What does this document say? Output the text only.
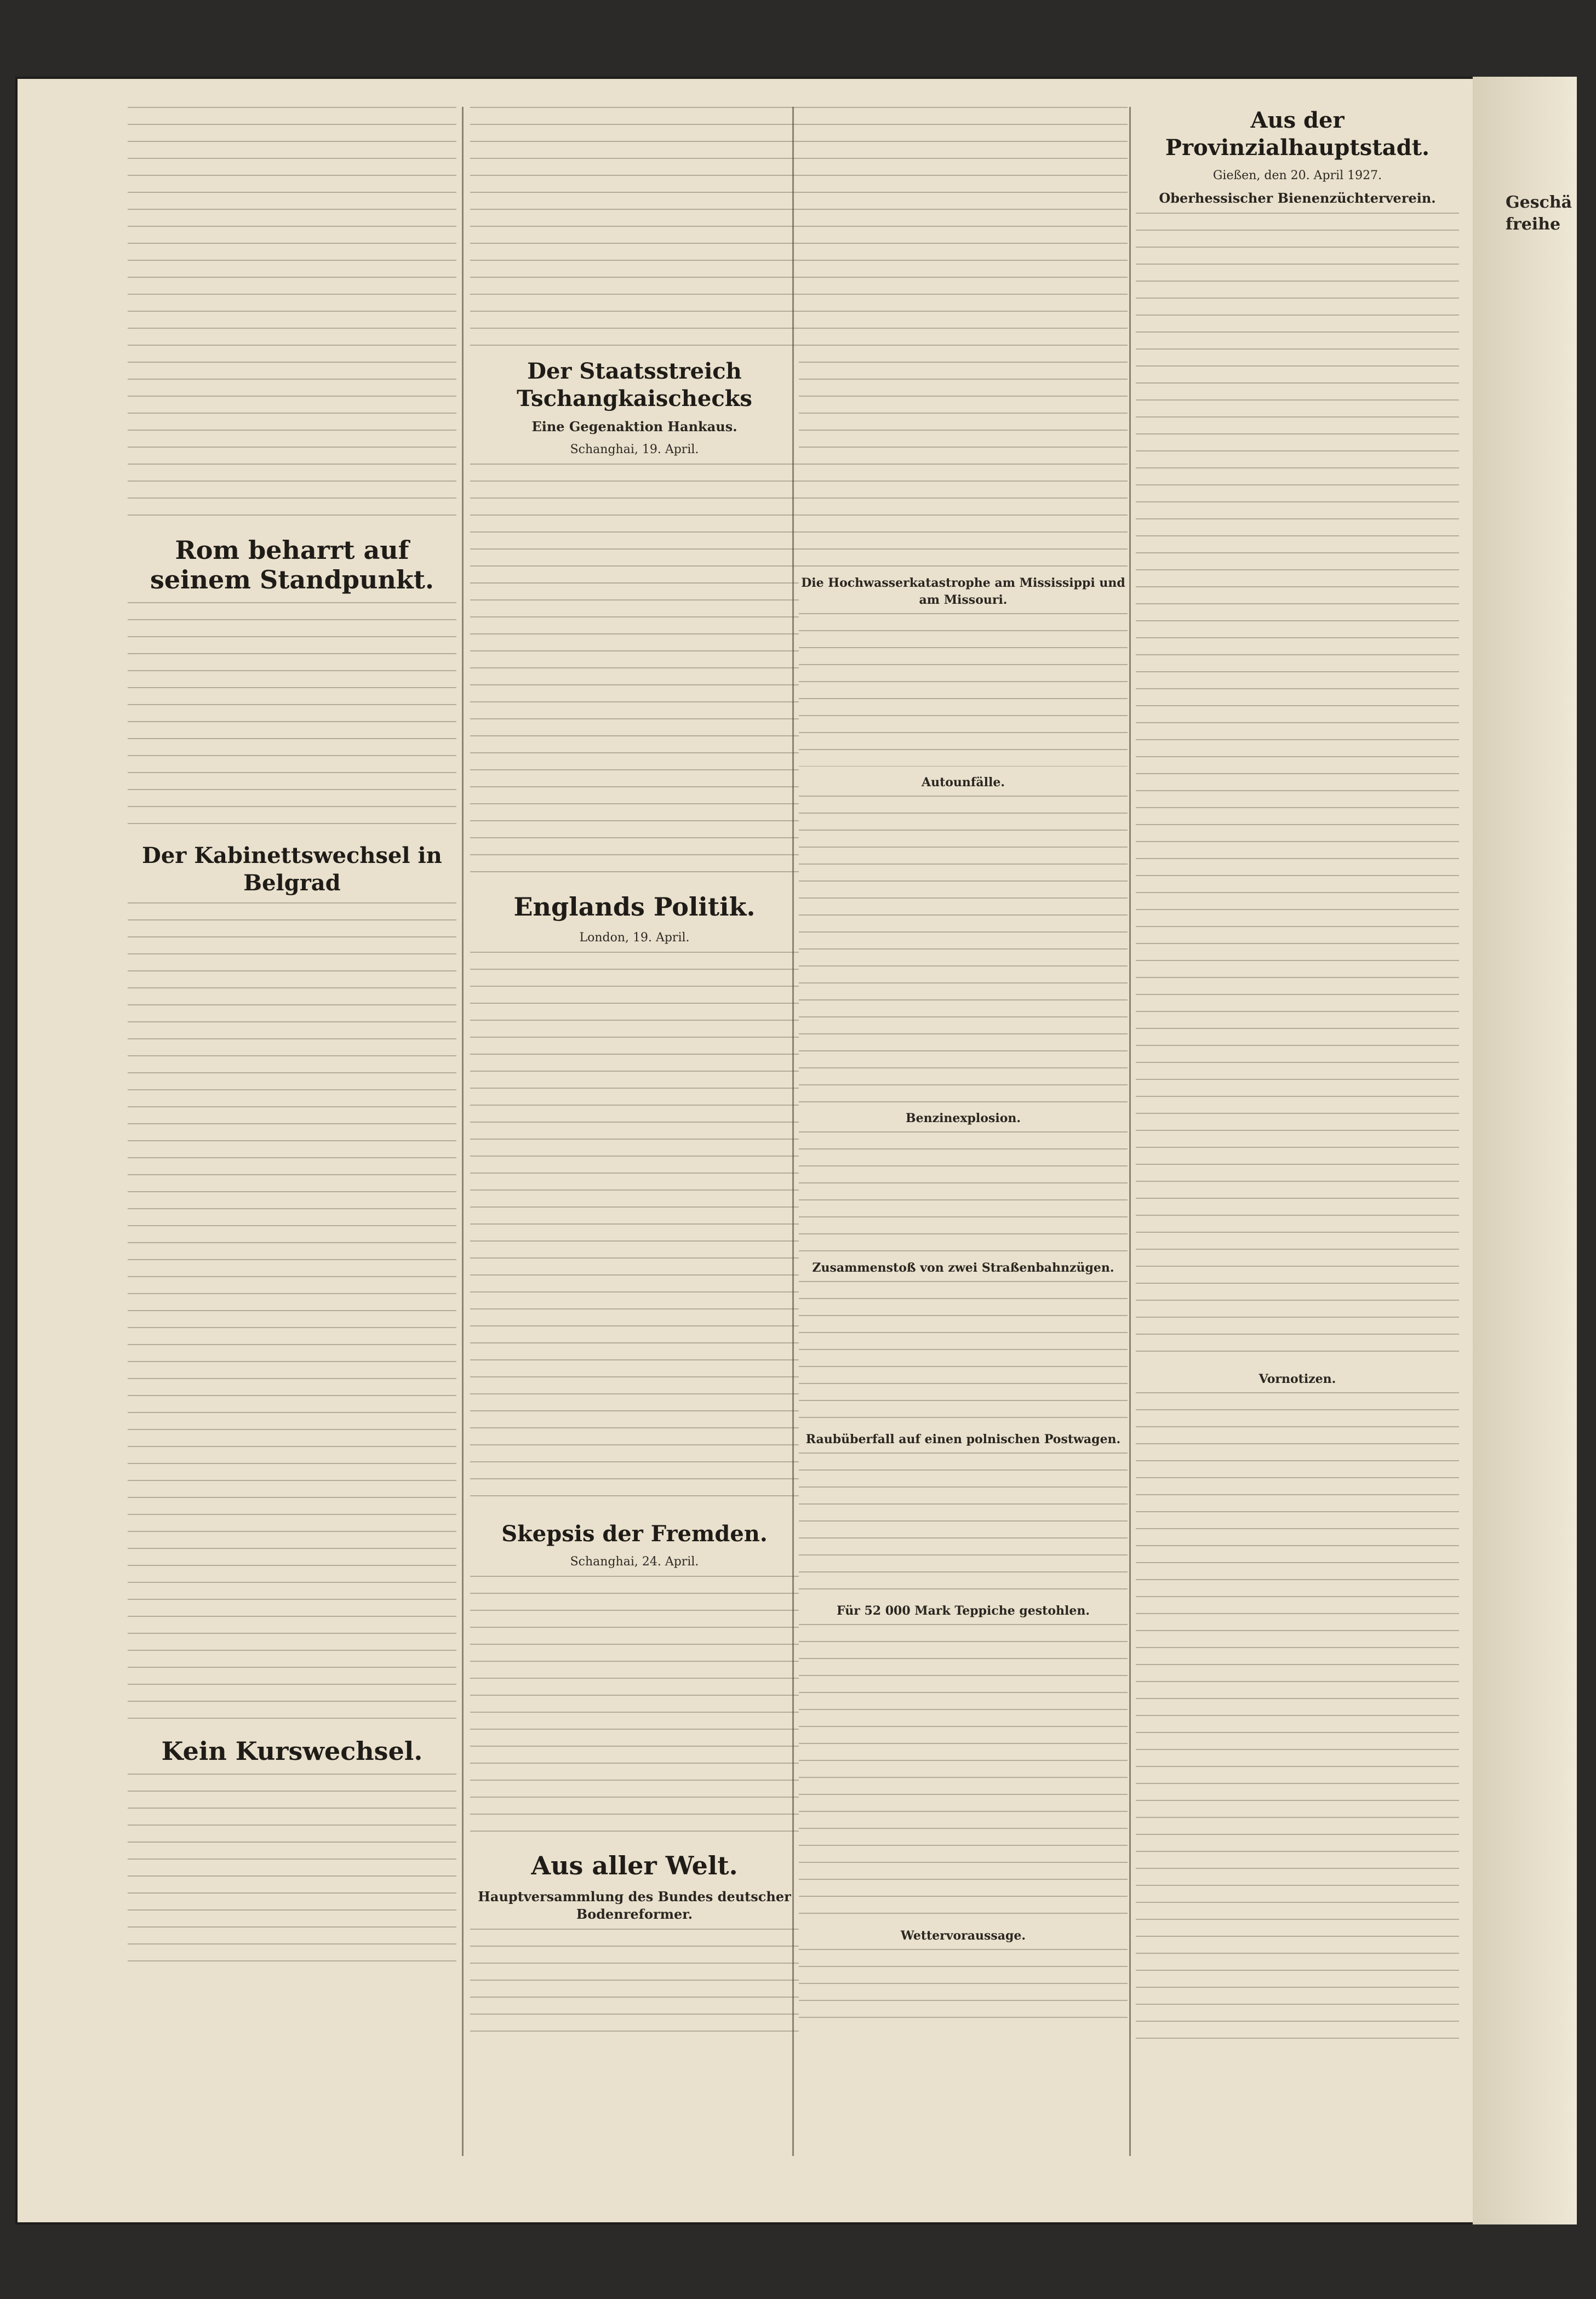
Rom beharrt auf seinem Standpunkt.
Der Kabinettswechsel in Belgrad
Kein Kurswechsel.
Der Staatsstreich Tschangkaischecks
Eine Gegenaktion Hankaus.
Schanghai, 19. April.
Englands Politik.
London, 19. April.
Skepsis der Fremden.
Schanghai, 24. April.
Aus aller Welt.
Hauptversammlung des Bundes deutscher Bodenreformer.
Die Hochwasserkatastrophe am Mississippi und am Missouri.
Autounfälle.
Benzinexplosion.
Zusammenstoß von zwei Straßenbahnzügen.
Raubüberfall auf einen polnischen Postwagen.
Für 52 000 Mark Teppiche gestohlen.
Wettervoraussage.
Aus der Provinzialhauptstadt.
Gießen, den 20. April 1927.
Oberhessischer Bienenzüchterverein.
Vornotizen.
Geschä freihe
